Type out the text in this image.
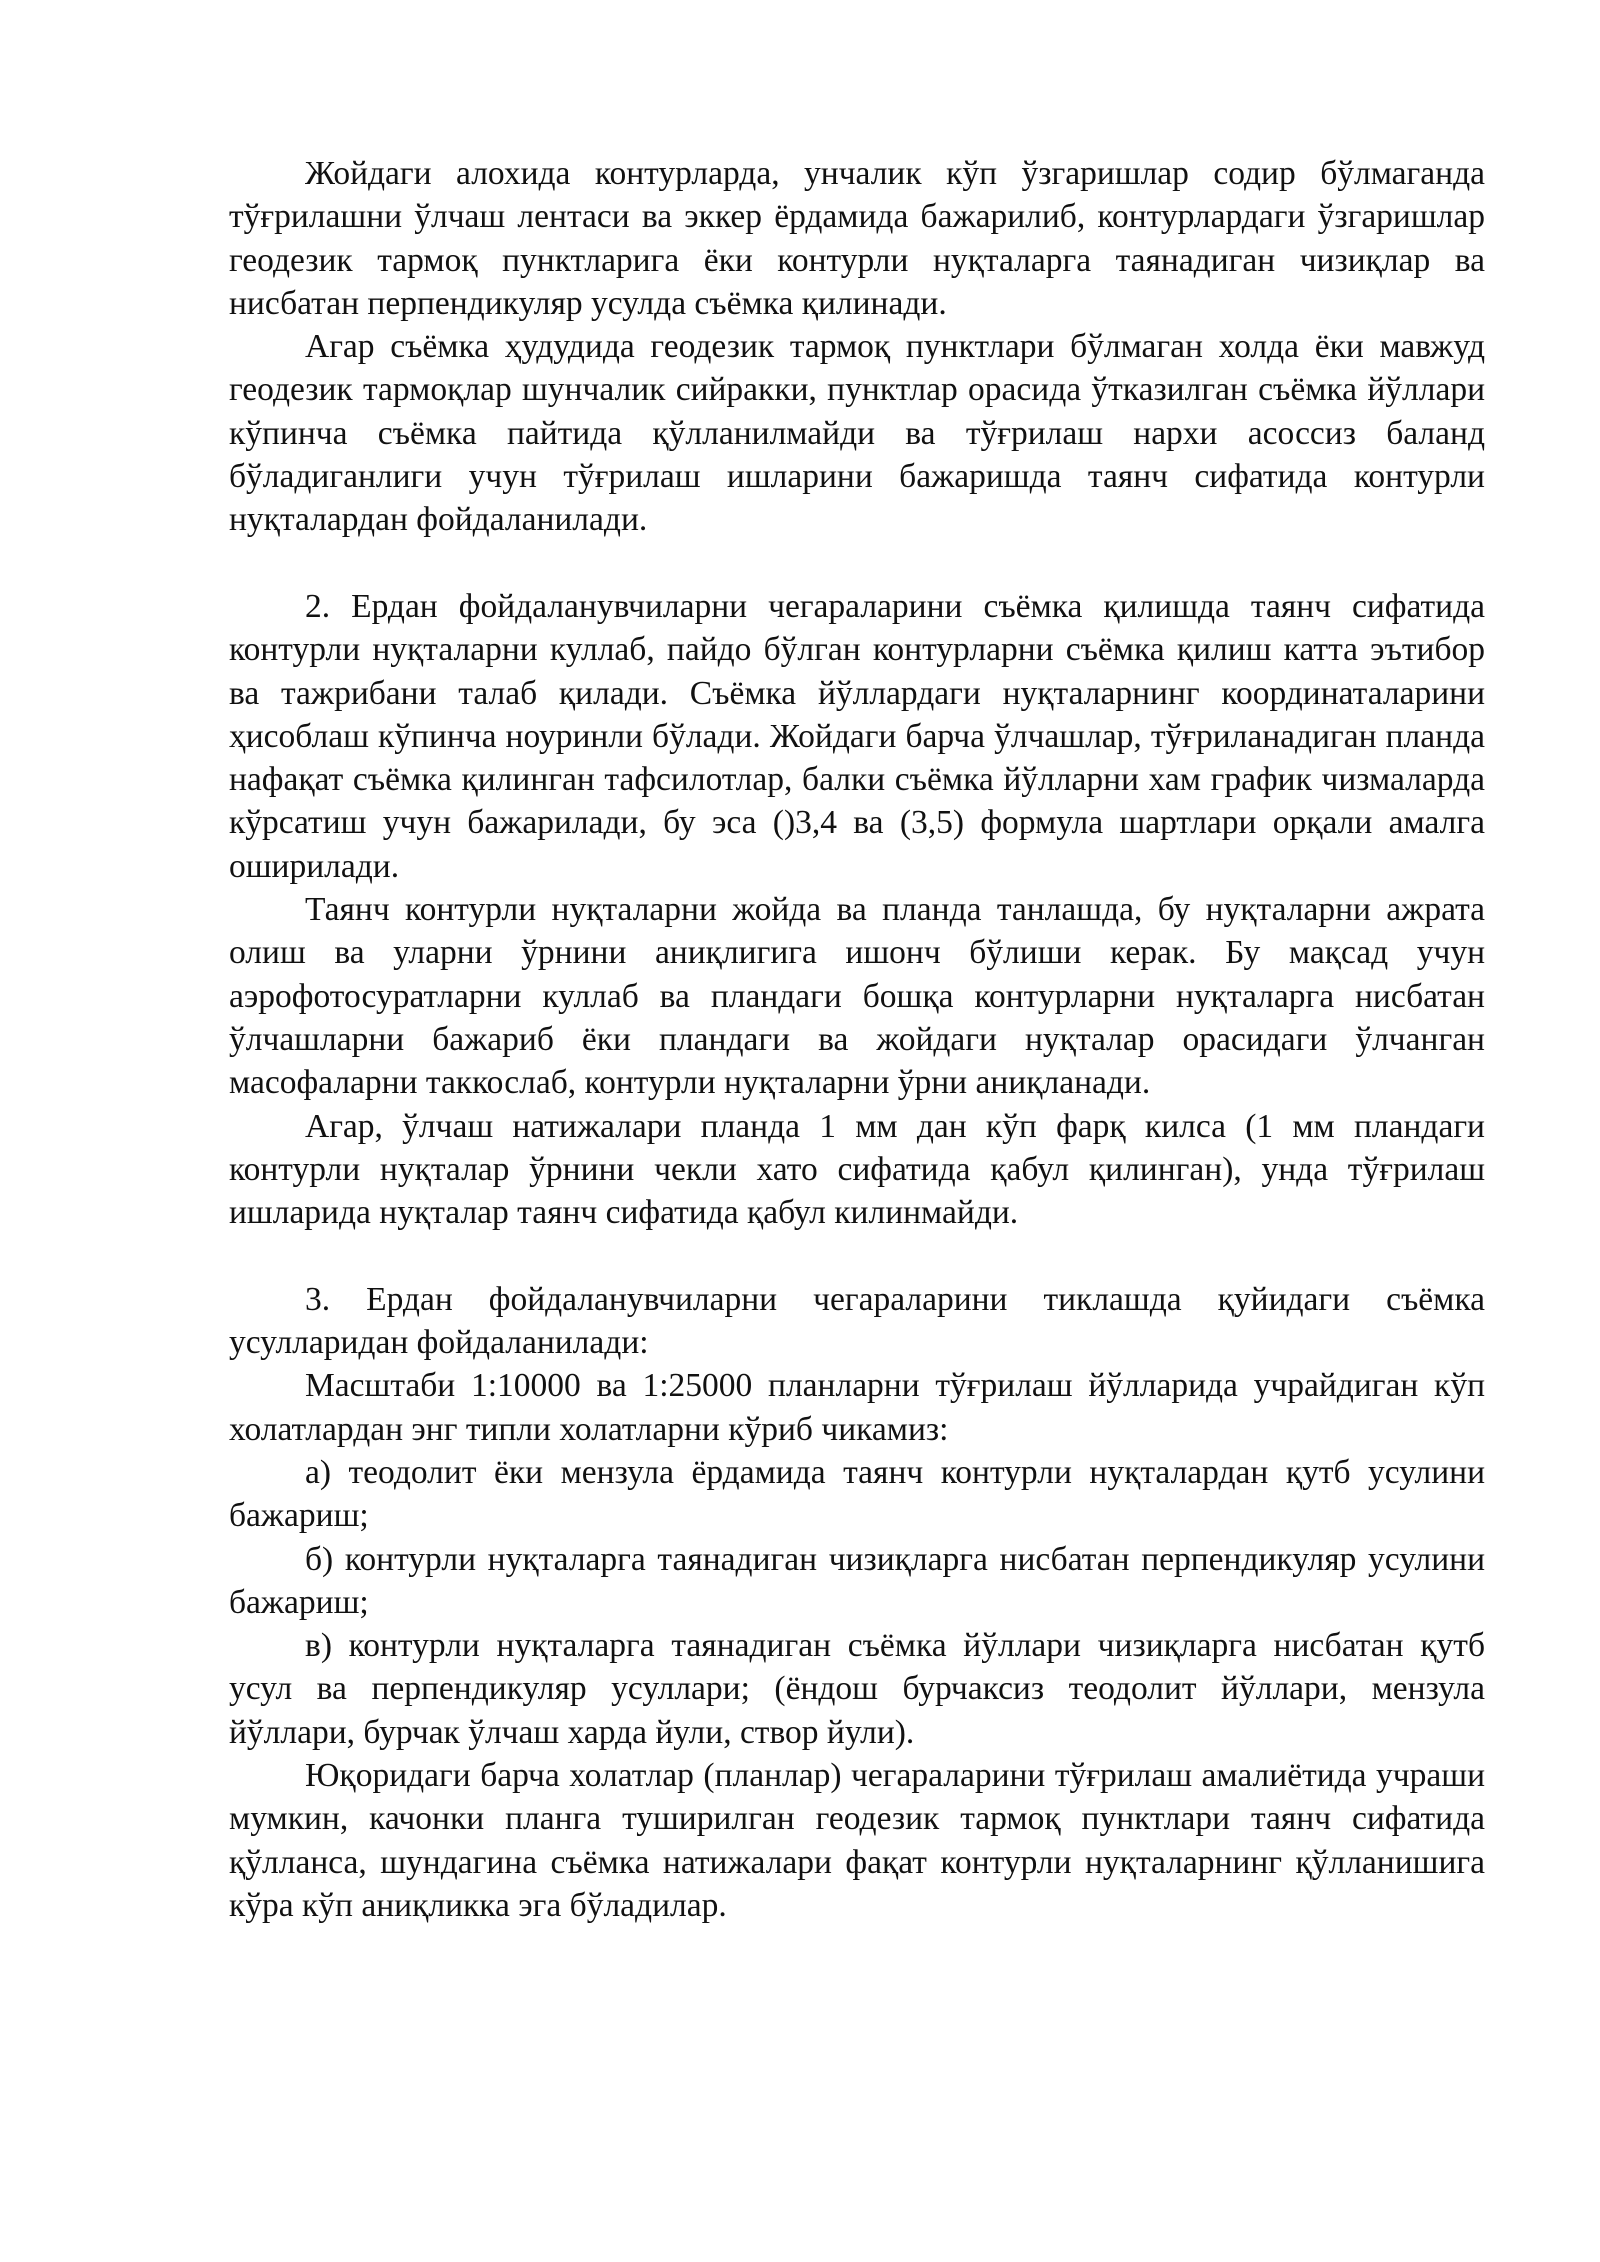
Жойдаги алохида контурларда, унчалик кўп ўзгаришлар содир бўлмаганда тўғрилашни ўлчаш лентаси ва эккер ёрдамида бажарилиб, контурлардаги ўзгаришлар геодезик тармоқ пунктларига ёки контурли нуқталарга таянадиган чизиқлар ва нисбатан перпендикуляр усулда съёмка қилинади.

Агар съёмка ҳудудида геодезик тармоқ пунктлари бўлмаган холда ёки мавжуд геодезик тармоқлар шунчалик сийракки, пунктлар орасида ўтказилган съёмка йўллари кўпинча съёмка пайтида қўлланилмайди ва тўғрилаш нархи асоссиз баланд бўладиганлиги учун тўғрилаш ишларини бажаришда таянч сифатида контурли нуқталардан фойдаланилади.

2. Ердан фойдаланувчиларни чегараларини съёмка қилишда таянч сифатида контурли нуқталарни куллаб, пайдо бўлган контурларни съёмка қилиш катта эътибор ва тажрибани талаб қилади. Съёмка йўллардаги нуқталарнинг координаталарини ҳисоблаш кўпинча ноуринли бўлади. Жойдаги барча ўлчашлар, тўғриланадиган планда нафақат съёмка қилинган тафсилотлар, балки съёмка йўлларни хам график чизмаларда кўрсатиш учун бажарилади, бу эса ()3,4 ва (3,5) формула шартлари орқали амалга оширилади.

Таянч контурли нуқталарни жойда ва планда танлашда, бу нуқталарни ажрата олиш ва уларни ўрнини аниқлигига ишонч бўлиши керак. Бу мақсад учун аэрофотосуратларни куллаб ва пландаги бошқа контурларни нуқталарга нисбатан ўлчашларни бажариб ёки пландаги ва жойдаги нуқталар орасидаги ўлчанган масофаларни таккослаб, контурли нуқталарни ўрни аниқланади.

Агар, ўлчаш натижалари планда 1 мм дан кўп фарқ килса (1 мм пландаги контурли нуқталар ўрнини чекли хато сифатида қабул қилинган), унда тўғрилаш ишларида нуқталар таянч сифатида қабул килинмайди.

3. Ердан фойдаланувчиларни чегараларини тиклашда қуйидаги съёмка усулларидан фойдаланилади:

Масштаби 1:10000 ва 1:25000 планларни тўғрилаш йўлларида учрайдиган кўп холатлардан энг типли холатларни кўриб чикамиз:

а) теодолит ёки мензула ёрдамида таянч контурли нуқталардан қутб усулини бажариш;

б) контурли нуқталарга таянадиган чизиқларга нисбатан перпендикуляр усулини бажариш;

в) контурли нуқталарга таянадиган съёмка йўллари чизиқларга нисбатан қутб усул ва перпендикуляр усуллари; (ёндош бурчаксиз теодолит йўллари, мензула йўллари, бурчак ўлчаш харда йули, створ йули).

Юқоридаги барча холатлар (планлар) чегараларини тўғрилаш амалиётида учраши мумкин, качонки планга туширилган геодезик тармоқ пунктлари таянч сифатида қўлланса, шундагина съёмка натижалари фақат контурли нуқталарнинг қўлланишига кўра кўп аниқликка эга бўладилар.
